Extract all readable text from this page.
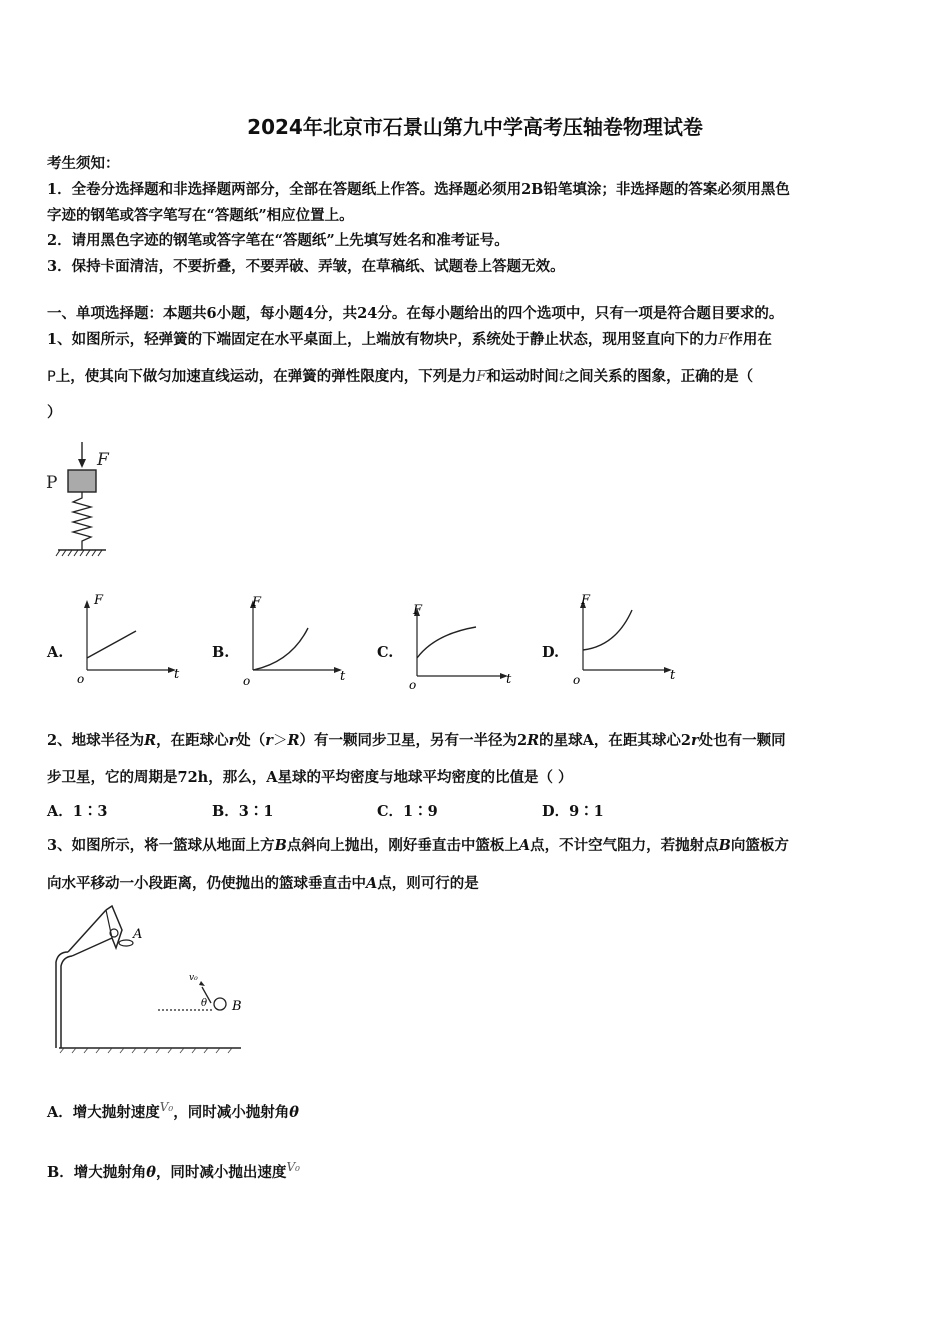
2024年北京市石景山第九中学高考压轴卷物理试卷
考生须知：
1．全卷分选择题和非选择题两部分，全部在答题纸上作答。选择题必须用2B铅笔填涂；非选择题的答案必须用黑色
字迹的钢笔或答字笔写在“答题纸”相应位置上。
2．请用黑色字迹的钢笔或答字笔在“答题纸”上先填写姓名和准考证号。
3．保持卡面清洁，不要折叠，不要弄破、弄皱，在草稿纸、试题卷上答题无效。
一、单项选择题：本题共6小题，每小题4分，共24分。在每小题给出的四个选项中，只有一项是符合题目要求的。
1、如图所示，轻弹簧的下端固定在水平桌面上，上端放有物块P，系统处于静止状态，现用竖直向下的力F作用在
P上，使其向下做匀加速直线运动，在弹簧的弹性限度内，下列是力F和运动时间t之间关系的图象，正确的是（
）
F
P
A.
F
t
o
B.
F
t
o
C.
F
t
o
D.
F
t
o
2、地球半径为R，在距球心r处（r＞R）有一颗同步卫星，另有一半径为2R的星球A，在距其球心2r处也有一颗同
步卫星，它的周期是72h，那么，A星球的平均密度与地球平均密度的比值是（ ）
A．1∶3	B．3∶1	C．1∶9	D．9∶1
3、如图所示，将一篮球从地面上方B点斜向上抛出，刚好垂直击中篮板上A点，不计空气阻力，若抛射点B向篮板方
向水平移动一小段距离，仍使抛出的篮球垂直击中A点，则可行的是
A
v₀
θ B
A．增大抛射速度$^{V_0}$，同时减小抛射角θ
B．增大抛射角θ，同时减小抛出速度$^{V_0}$
